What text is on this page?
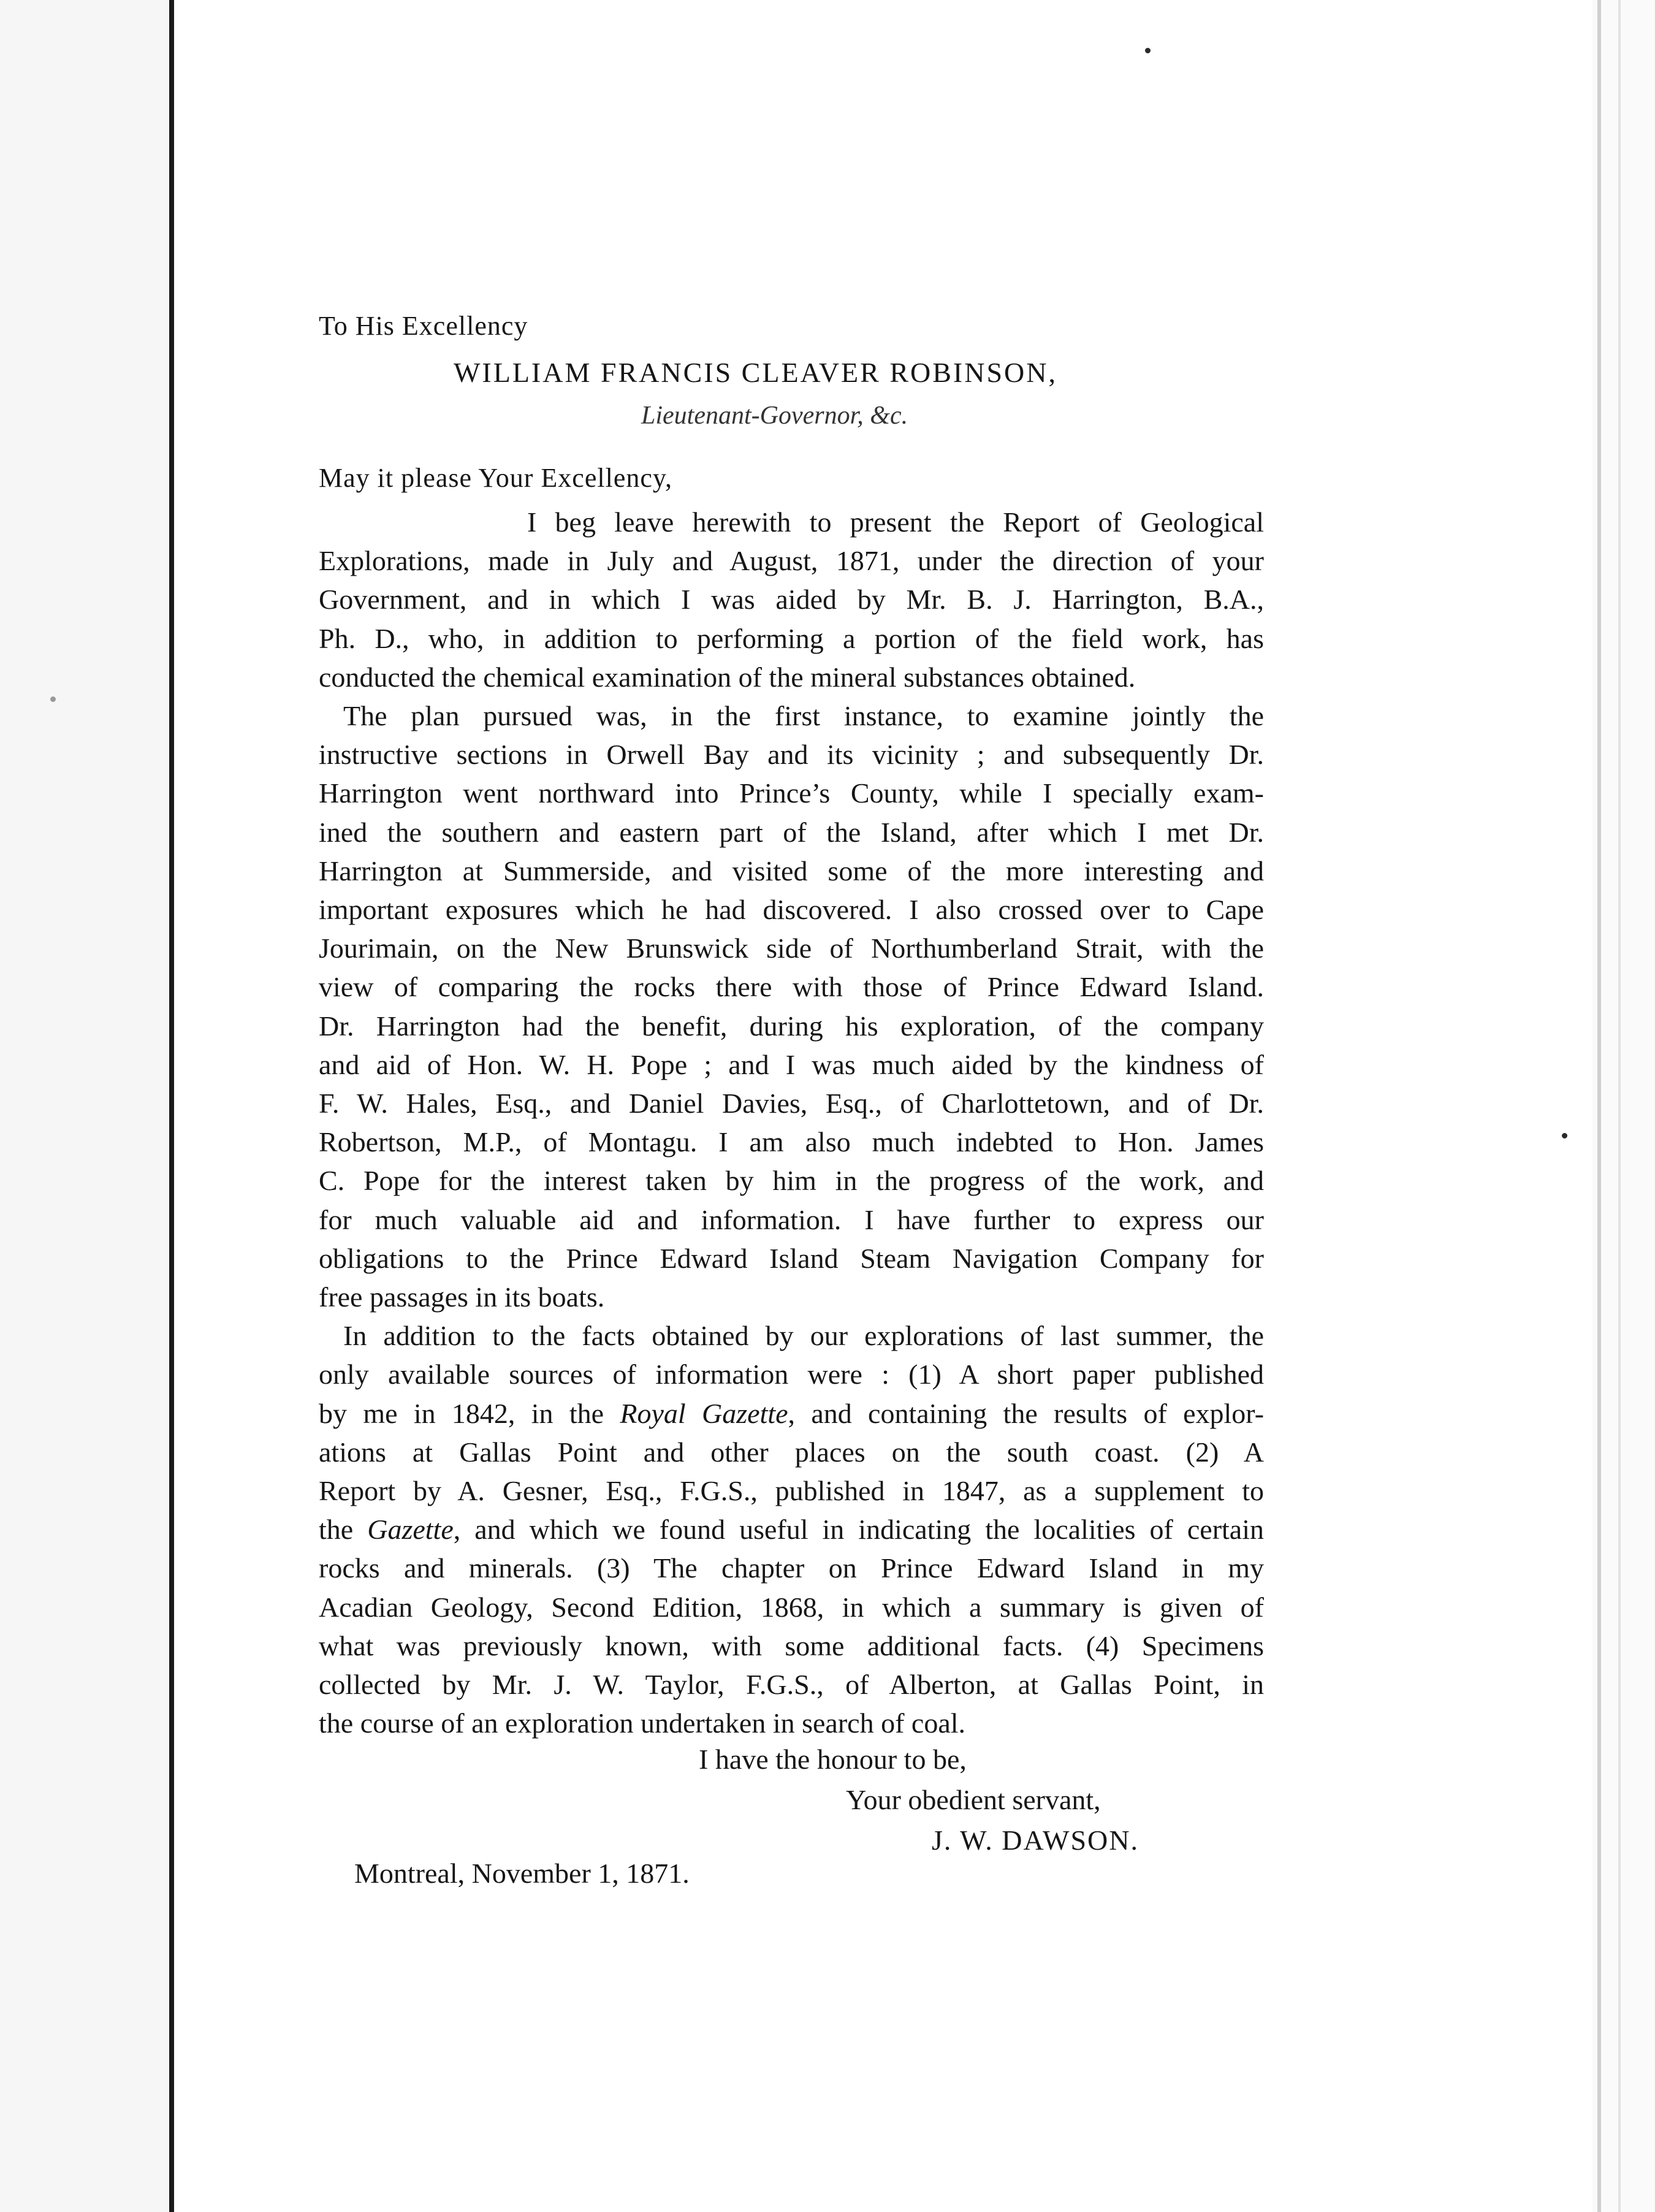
To His Excellency
WILLIAM FRANCIS CLEAVER ROBINSON,
Lieutenant-Governor, &c.
May it please Your Excellency,
I beg leave herewith to present the Report of Geological
Explorations, made in July and August, 1871, under the direction of your
Government, and in which I was aided by Mr. B. J. Harrington, B.A.,
Ph. D., who, in addition to performing a portion of the field work, has
conducted the chemical examination of the mineral substances obtained.
The plan pursued was, in the first instance, to examine jointly the
instructive sections in Orwell Bay and its vicinity ; and subsequently Dr.
Harrington went northward into Prince’s County, while I specially exam-
ined the southern and eastern part of the Island, after which I met Dr.
Harrington at Summerside, and visited some of the more interesting and
important exposures which he had discovered. I also crossed over to Cape
Jourimain, on the New Brunswick side of Northumberland Strait, with the
view of comparing the rocks there with those of Prince Edward Island.
Dr. Harrington had the benefit, during his exploration, of the company
and aid of Hon. W. H. Pope ; and I was much aided by the kindness of
F. W. Hales, Esq., and Daniel Davies, Esq., of Charlottetown, and of Dr.
Robertson, M.P., of Montagu. I am also much indebted to Hon. James
C. Pope for the interest taken by him in the progress of the work, and
for much valuable aid and information. I have further to express our
obligations to the Prince Edward Island Steam Navigation Company for
free passages in its boats.
In addition to the facts obtained by our explorations of last summer, the
only available sources of information were : (1) A short paper published
by me in 1842, in the Royal Gazette, and containing the results of explor-
ations at Gallas Point and other places on the south coast. (2) A
Report by A. Gesner, Esq., F.G.S., published in 1847, as a supplement to
the Gazette, and which we found useful in indicating the localities of certain
rocks and minerals. (3) The chapter on Prince Edward Island in my
Acadian Geology, Second Edition, 1868, in which a summary is given of
what was previously known, with some additional facts. (4) Specimens
collected by Mr. J. W. Taylor, F.G.S., of Alberton, at Gallas Point, in
the course of an exploration undertaken in search of coal.
I have the honour to be,
Your obedient servant,
J. W. DAWSON.
Montreal, November 1, 1871.
